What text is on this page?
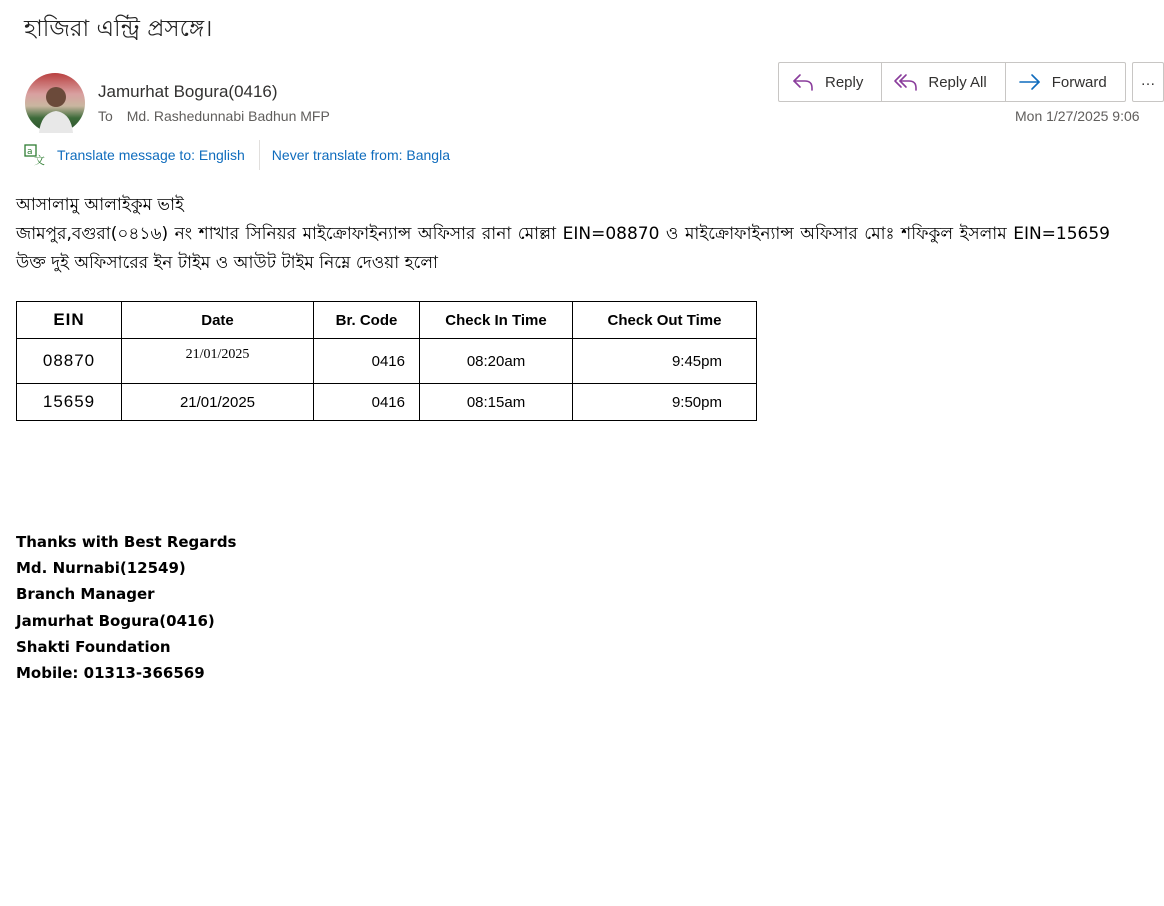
হাজিরা এন্ট্রি প্রসঙ্গে।
Jamurhat Bogura(0416)
To Md. Rashedunnabi Badhun MFP
Reply	Reply All	Forward	…
Mon 1/27/2025 9:06
a
文 Translate message to: English Never translate from: Bangla

আসালামু আলাইকুম ভাই

জামপুর,বগুরা(০৪১৬) নং শাখার সিনিয়র মাইক্রোফাইন্যান্স অফিসার রানা মোল্লা EIN=08870 ও মাইক্রোফাইন্যান্স অফিসার মোঃ শফিকুল ইসলাম EIN=15659 উক্ত দুই অফিসারের ইন টাইম ও আউট টাইম নিম্নে দেওয়া হলো

EIN	Date	Br. Code	Check In Time	Check Out Time
08870	21/01/2025	0416	08:20am	9:45pm
15659	21/01/2025	0416	08:15am	9:50pm
Thanks with Best Regards
Md. Nurnabi(12549)
Branch Manager
Jamurhat Bogura(0416)
Shakti Foundation
Mobile: 01313-366569
